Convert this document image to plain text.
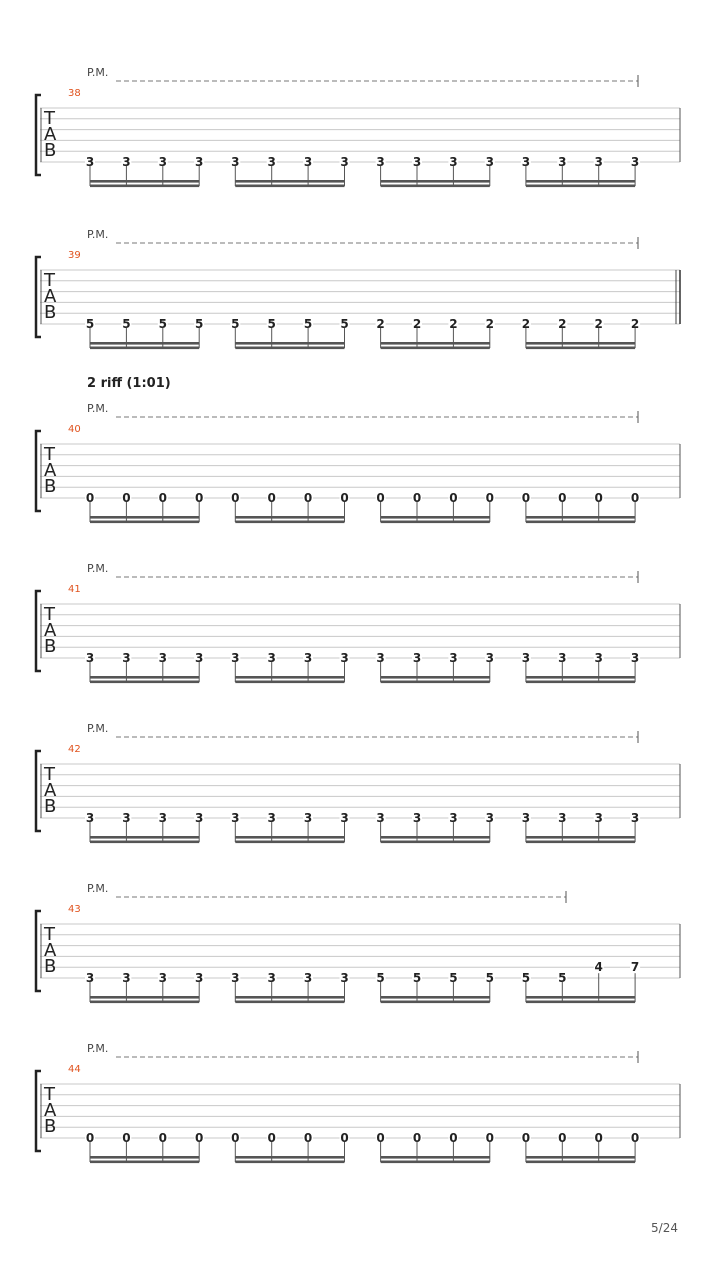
P.M.
38
T
A
B
3 3 3 3 3 3 3 3 3 3 3 3 3 3 3 3
P.M.
39
T
A
B
5 5 5 5 5 5 5 5 2 2 2 2 2 2 2 2
2 riff (1:01)
P.M.
40
T
A
B
0 0 0 0 0 0 0 0 0 0 0 0 0 0 0 0
P.M.
41
T
A
B
3 3 3 3 3 3 3 3 3 3 3 3 3 3 3 3
P.M.
42
T
A
B
3 3 3 3 3 3 3 3 3 3 3 3 3 3 3 3
P.M.
43
T
A
B
3 3 3 3 3 3 3 3 5 5 5 5 5 5
4 7
P.M.
44
T
A
B
0 0 0 0 0 0 0 0 0 0 0 0 0 0 0 0
5/24
